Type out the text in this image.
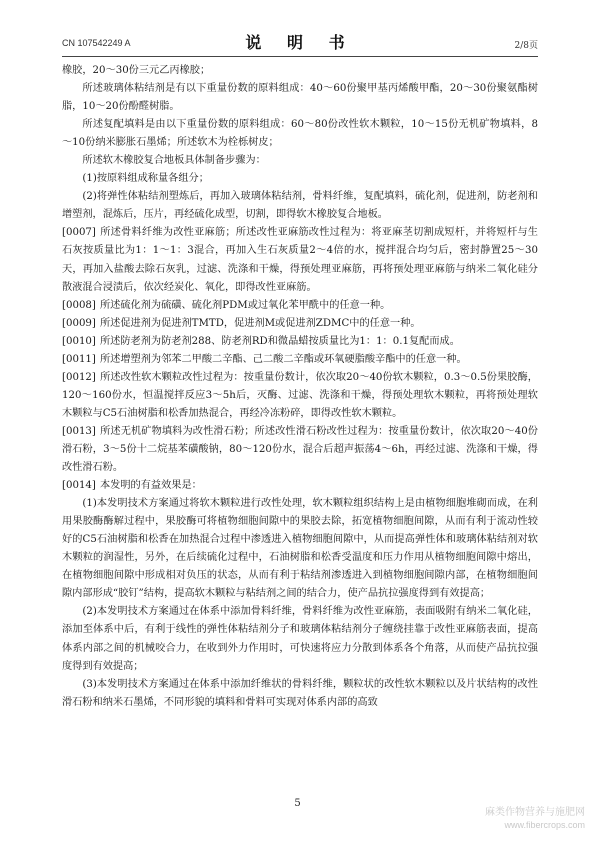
CN 107542249 A	说 明 书	2/8页

橡胶，20～30份三元乙丙橡胶；

所述玻璃体粘结剂是有以下重量份数的原料组成：40～60份聚甲基丙烯酸甲酯，20～30份聚氨酯树脂，10～20份酚醛树脂。

所述复配填料是由以下重量份数的原料组成：60～80份改性软木颗粒，10～15份无机矿物填料，8～10份纳米膨胀石墨烯；所述软木为栓栎树皮；

所述软木橡胶复合地板具体制备步骤为：

(1)按原料组成称量各组分；

(2)将弹性体粘结剂塑炼后，再加入玻璃体粘结剂，骨料纤维，复配填料，硫化剂，促进剂，防老剂和增塑剂，混炼后，压片，再经硫化成型，切割，即得软木橡胶复合地板。

[0007] 所述骨料纤维为改性亚麻筋；所述改性亚麻筋改性过程为：将亚麻茎切割成短杆，并将短杆与生石灰按质量比为1：1～1：3混合，再加入生石灰质量2～4倍的水，搅拌混合均匀后，密封静置25～30天，再加入盐酸去除石灰乳，过滤、洗涤和干燥，得预处理亚麻筋，再将预处理亚麻筋与纳米二氧化硅分散液混合浸渍后，依次经炭化、氧化，即得改性亚麻筋。

[0008] 所述硫化剂为硫磺、硫化剂PDM或过氧化苯甲酰中的任意一种。

[0009] 所述促进剂为促进剂TMTD，促进剂M或促进剂ZDMC中的任意一种。

[0010] 所述防老剂为防老剂288、防老剂RD和微晶蜡按质量比为1：1：0.1复配而成。

[0011] 所述增塑剂为邻苯二甲酸二辛酯、己二酸二辛酯或环氧硬脂酸辛酯中的任意一种。

[0012] 所述改性软木颗粒改性过程为：按重量份数计，依次取20～40份软木颗粒，0.3～0.5份果胶酶，120～160份水，恒温搅拌反应3～5h后，灭酶、过滤、洗涤和干燥，得预处理软木颗粒，再将预处理软木颗粒与C5石油树脂和松香加热混合，再经冷冻粉碎，即得改性软木颗粒。

[0013] 所述无机矿物填料为改性滑石粉；所述改性滑石粉改性过程为：按重量份数计，依次取20～40份滑石粉，3～5份十二烷基苯磺酸钠，80～120份水，混合后超声振荡4～6h，再经过滤、洗涤和干燥，得改性滑石粉。

[0014] 本发明的有益效果是：

(1)本发明技术方案通过将软木颗粒进行改性处理，软木颗粒组织结构上是由植物细胞堆砌而成，在利用果胶酶酶解过程中，果胶酶可将植物细胞间隙中的果胶去除，拓宽植物细胞间隙，从而有利于流动性较好的C5石油树脂和松香在加热混合过程中渗透进入植物细胞间隙中，从而提高弹性体和玻璃体粘结剂对软木颗粒的润湿性，另外，在后续硫化过程中，石油树脂和松香受温度和压力作用从植物细胞间隙中熔出，在植物细胞间隙中形成相对负压的状态，从而有利于粘结剂渗透进入到植物细胞间隙内部，在植物细胞间隙内部形成“胶钉”结构，提高软木颗粒与粘结剂之间的结合力，使产品抗拉强度得到有效提高；

(2)本发明技术方案通过在体系中添加骨料纤维，骨料纤维为改性亚麻筋，表面吸附有纳米二氧化硅，添加至体系中后，有利于线性的弹性体粘结剂分子和玻璃体粘结剂分子缠绕挂靠于改性亚麻筋表面，提高体系内部之间的机械咬合力，在收到外力作用时，可快速将应力分散到体系各个角落，从而使产品抗拉强度得到有效提高；

(3)本发明技术方案通过在体系中添加纤维状的骨料纤维，颗粒状的改性软木颗粒以及片状结构的改性滑石粉和纳米石墨烯，不同形貌的填料和骨料可实现对体系内部的高致

5
麻类作物营养与施肥网
www.fibercrops.com
